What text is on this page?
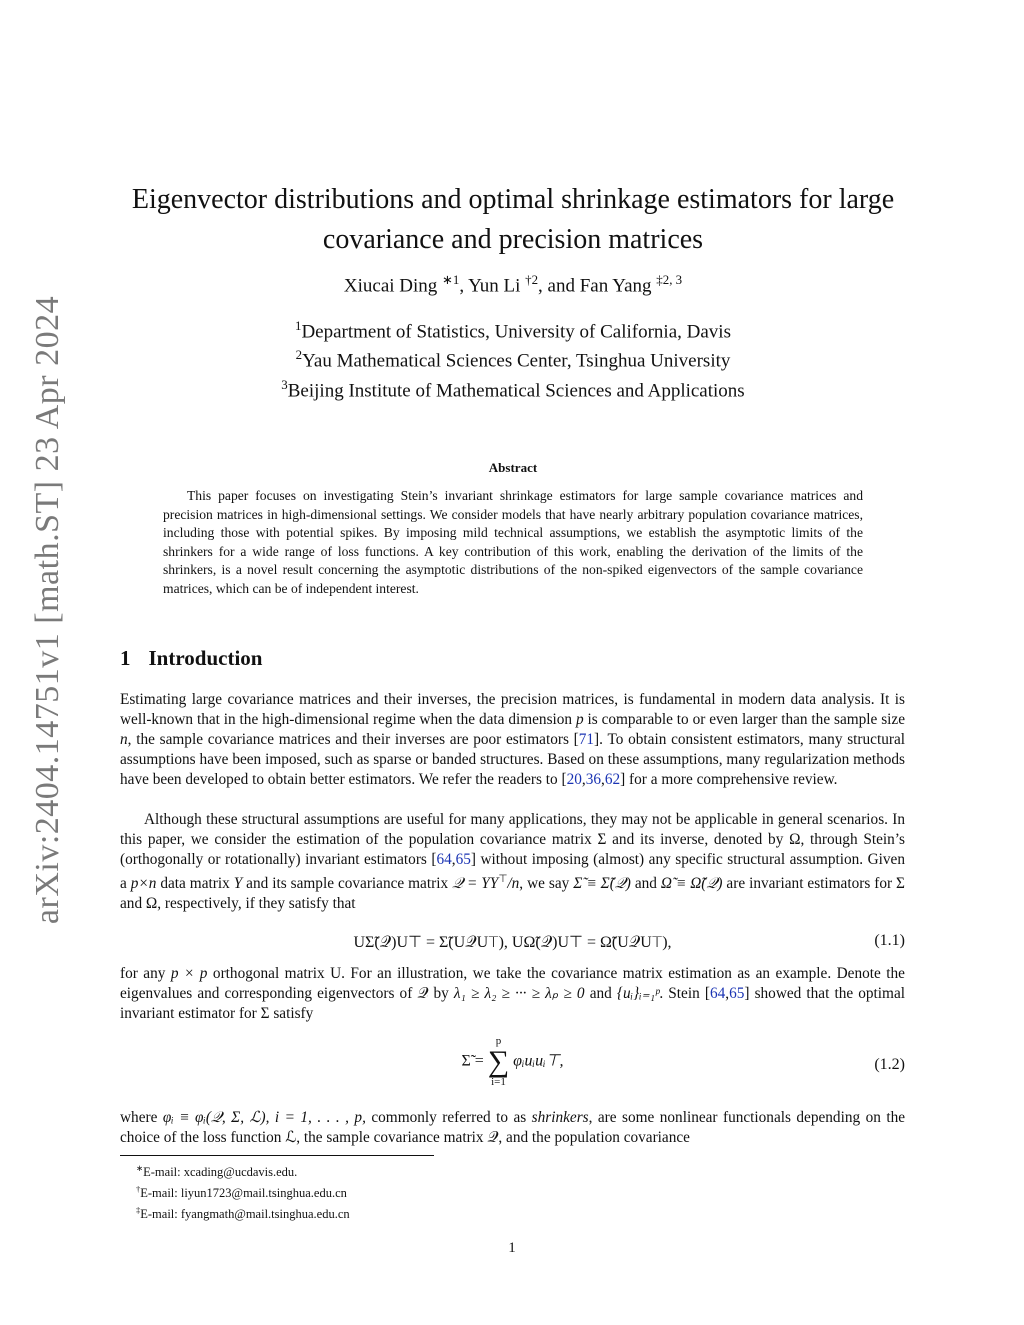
arXiv:2404.14751v1 [math.ST] 23 Apr 2024
Eigenvector distributions and optimal shrinkage estimators for large
covariance and precision matrices
Xiucai Ding $^{∗1}$, Yun Li $^{\dagger 2}$, and Fan Yang $^{\ddagger 2, 3}$
$^1$Department of Statistics, University of California, Davis
$^2$Yau Mathematical Sciences Center, Tsinghua University
$^3$Beijing Institute of Mathematical Sciences and Applications
Abstract
This paper focuses on investigating Stein’s invariant shrinkage estimators for large sample covariance matrices and precision matrices in high-dimensional settings. We consider models that have nearly arbitrary population covariance matrices, including those with potential spikes. By imposing mild technical assumptions, we establish the asymptotic limits of the shrinkers for a wide range of loss functions. A key contribution of this work, enabling the derivation of the limits of the shrinkers, is a novel result concerning the asymptotic distributions of the non-spiked eigenvectors of the sample covariance matrices, which can be of independent interest.
1 Introduction
Estimating large covariance matrices and their inverses, the precision matrices, is fundamental in modern data analysis. It is well-known that in the high-dimensional regime when the data dimension p is comparable to or even larger than the sample size n, the sample covariance matrices and their inverses are poor estimators [71]. To obtain consistent estimators, many structural assumptions have been imposed, such as sparse or banded structures. Based on these assumptions, many regularization methods have been developed to obtain better estimators. We refer the readers to [20,36,62] for a more comprehensive review.
Although these structural assumptions are useful for many applications, they may not be applicable in general scenarios. In this paper, we consider the estimation of the population covariance matrix Σ and its inverse, denoted by Ω, through Stein’s (orthogonally or rotationally) invariant estimators [64,65] without imposing (almost) any specific structural assumption. Given a p×n data matrix Y and its sample covariance matrix 𝒬 = YY⊤/n, we say Σ̃ ≡ Σ̃(𝒬) and Ω̃ ≡ Ω̃(𝒬) are invariant estimators for Σ and Ω, respectively, if they satisfy that
UΣ̃(𝒬)U⊤ = Σ̃(U𝒬U⊤), UΩ̃(𝒬)U⊤ = Ω̃(U𝒬U⊤),	(1.1)
for any p × p orthogonal matrix U. For an illustration, we take the covariance matrix estimation as an example. Denote the eigenvalues and corresponding eigenvectors of 𝒬 by λ₁ ≥ λ₂ ≥ ··· ≥ λₚ ≥ 0 and {uᵢ}ᵢ₌₁ᵖ. Stein [64,65] showed that the optimal invariant estimator for Σ satisfy
Σ̃ =
p
∑
i=1
φᵢuᵢuᵢ⊤,	(1.2)
where φᵢ ≡ φᵢ(𝒬, Σ, ℒ), i = 1, . . . , p, commonly referred to as shrinkers, are some nonlinear functionals depending on the choice of the loss function ℒ, the sample covariance matrix 𝒬, and the population covariance
∗E-mail: xcading@ucdavis.edu.
†E-mail: liyun1723@mail.tsinghua.edu.cn
‡E-mail: fyangmath@mail.tsinghua.edu.cn
1
